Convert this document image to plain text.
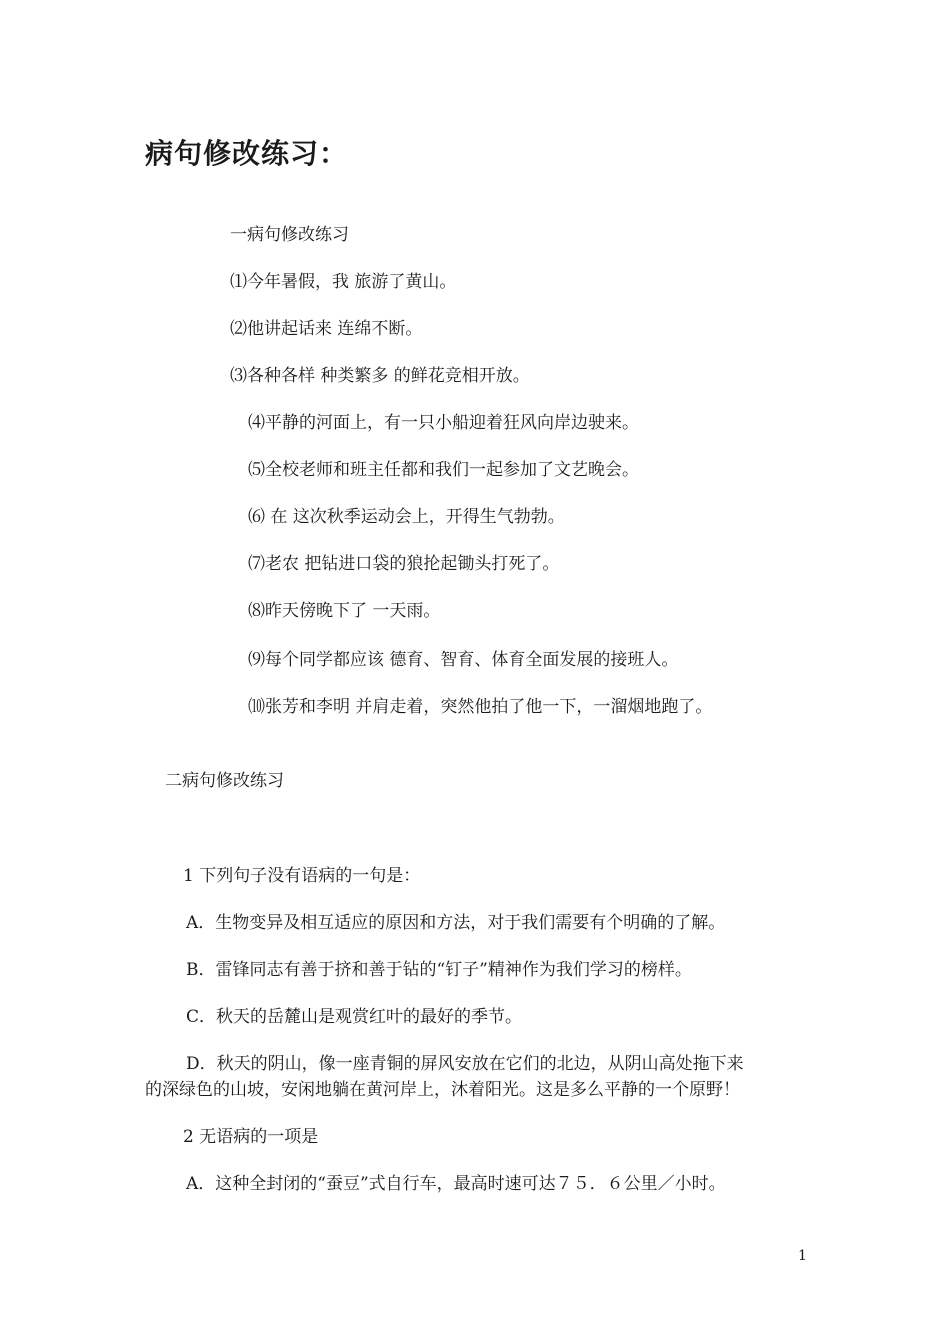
病句修改练习：
一病句修改练习
⑴今年暑假，我 旅游了黄山。
⑵他讲起话来 连绵不断。
⑶各种各样 种类繁多 的鲜花竞相开放。
⑷平静的河面上，有一只小船迎着狂风向岸边驶来。
⑸全校老师和班主任都和我们一起参加了文艺晚会。
⑹ 在 这次秋季运动会上，开得生气勃勃。
⑺老农 把钻进口袋的狼抡起锄头打死了。
⑻昨天傍晚下了 一天雨。
⑼每个同学都应该 德育、智育、体育全面发展的接班人。
⑽张芳和李明 并肩走着，突然他拍了他一下，一溜烟地跑了。
二病句修改练习
1 下列句子没有语病的一句是：
A．生物变异及相互适应的原因和方法，对于我们需要有个明确的了解。
B．雷锋同志有善于挤和善于钻的“钉子”精神作为我们学习的榜样。
C．秋天的岳麓山是观赏红叶的最好的季节。
D．秋天的阴山，像一座青铜的屏风安放在它们的北边，从阴山高处拖下来
的深绿色的山坡，安闲地躺在黄河岸上，沐着阳光。这是多么平静的一个原野！
2 无语病的一项是
A．这种全封闭的“蚕豆”式自行车，最高时速可达７５．６公里／小时。
1
